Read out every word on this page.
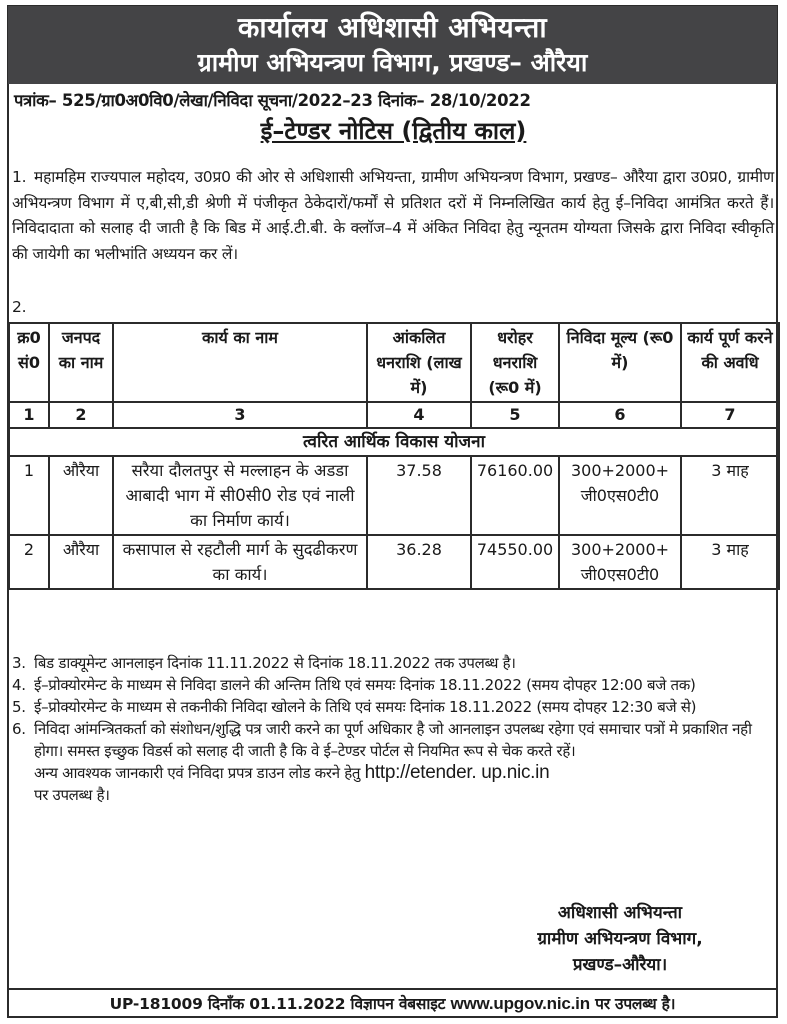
कार्यालय अधिशासी अभियन्ता
ग्रामीण अभियन्त्रण विभाग, प्रखण्ड– औरैया
पत्रांक– 525/ग्रा0अ0वि0/लेखा/निविदा सूचना/2022–23 दिनांक– 28/10/2022
ई–टेण्डर नोटिस (द्वितीय काल)
1. महामहिम राज्यपाल महोदय, उ0प्र0 की ओर से अधिशासी अभियन्ता, ग्रामीण अभियन्त्रण विभाग, प्रखण्ड– औरैया द्वारा उ0प्र0, ग्रामीण अभियन्त्रण विभाग में ए,बी,सी,डी श्रेणी में पंजीकृत ठेकेदारों/फर्मों से प्रतिशत दरों में निम्नलिखित कार्य हेतु ई–निविदा आमंत्रित करते हैं। निविदादाता को सलाह दी जाती है कि बिड में आई.टी.बी. के क्लॉज–4 में अंकित निविदा हेतु न्यूनतम योग्यता जिसके द्वारा निविदा स्वीकृति की जायेगी का भलीभांति अध्ययन कर लें।
2.
क्र0 सं0	जनपद का नाम	कार्य का नाम	आंकलित धनराशि (लाख में)	धरोहर धनराशि (रू0 में)	निविदा मूल्य (रू0 में)	कार्य पूर्ण करने की अवधि
1	2	3	4	5	6	7
त्वरित आर्थिक विकास योजना						
1	औरैया	सरैया दौलतपुर से मल्लाहन के अडडा आबादी भाग में सी0सी0 रोड एवं नाली का निर्माण कार्य।	37.58	76160.00	300+2000+ जी0एस0टी0	3 माह
2	औरैया	कसापाल से रहटौली मार्ग के सुदढीकरण का कार्य।	36.28	74550.00	300+2000+ जी0एस0टी0	3 माह
3. बिड डाक्यूमेन्ट आनलाइन दिनांक 11.11.2022 से दिनांक 18.11.2022 तक उपलब्ध है।
4. ई–प्रोक्योरमेन्ट के माध्यम से निविदा डालने की अन्तिम तिथि एवं समयः दिनांक 18.11.2022 (समय दोपहर 12:00 बजे तक)
5. ई–प्रोक्योरमेन्ट के माध्यम से तकनीकी निविदा खोलने के तिथि एवं समयः दिनांक 18.11.2022 (समय दोपहर 12:30 बजे से)
6. निविदा आंमन्त्रितकर्ता को संशोधन/शुद्धि पत्र जारी करने का पूर्ण अधिकार है जो आनलाइन उपलब्ध रहेगा एवं समाचार पत्रों मे प्रकाशित नही होगा। समस्त इच्छुक विडर्स को सलाह दी जाती है कि वे ई–टेण्डर पोर्टल से नियमित रूप से चेक करते रहें।
अन्य आवश्यक जानकारी एवं निविदा प्रपत्र डाउन लोड करने हेतु http://etender. up.nic.in
पर उपलब्ध है।
अधिशासी अभियन्ता
ग्रामीण अभियन्त्रण विभाग,
प्रखण्ड–औरैया।
UP-181009 दिनाँक 01.11.2022 विज्ञापन वेबसाइट www.upgov.nic.in पर उपलब्ध है।
